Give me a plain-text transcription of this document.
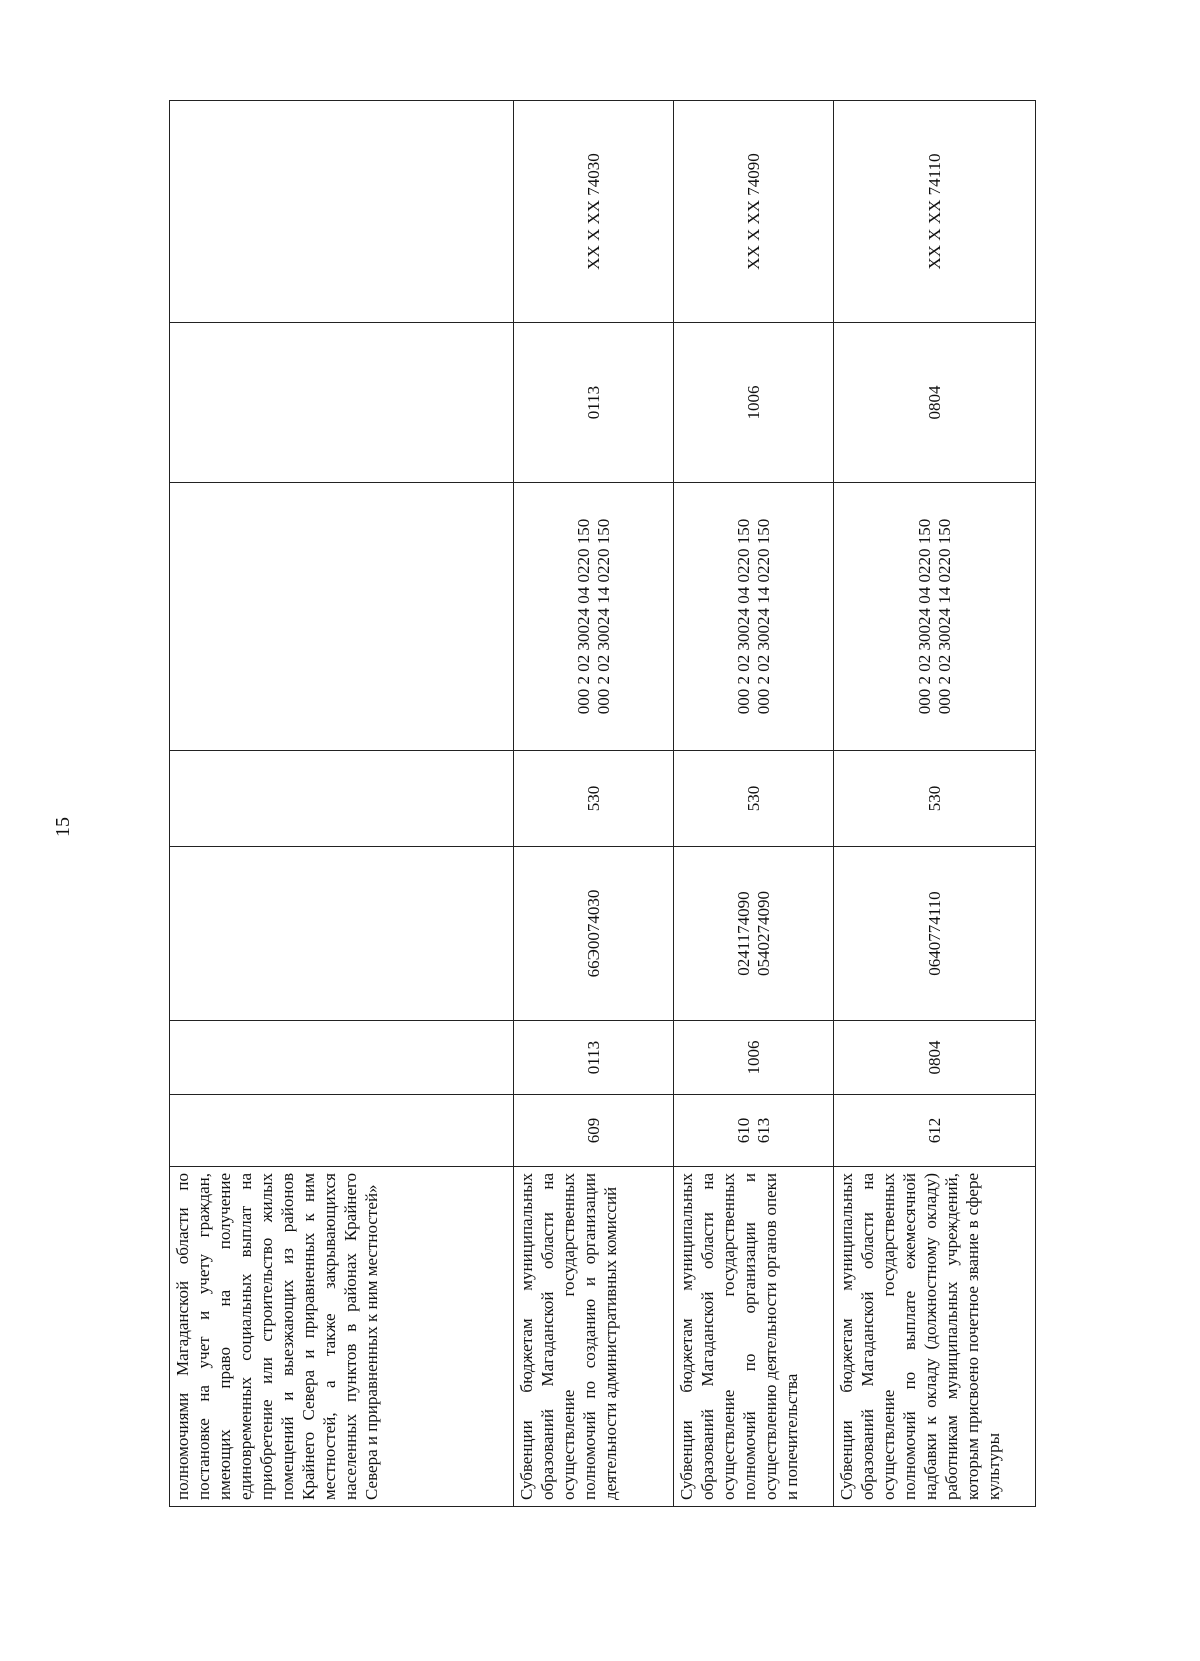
15
полномочиями Магаданской области по постановке на учет и учету граждан, имеющих право на получение единовременных социальных выплат на приобретение или строительство жилых помещений и выезжающих из районов Крайнего Севера и приравненных к ним местностей, а также закрывающихся населенных пунктов в районах Крайнего Севера и приравненных к ним местностей»							
Субвенции бюджетам муниципальных образований Магаданской области на осуществление государственных полномочий по созданию и организации деятельности административных комиссий	609	0113	66Э0074030	530	000 2 02 30024 04 0220 150 000 2 02 30024 14 0220 150	0113	XX X XX 74030
Субвенции бюджетам муниципальных образований Магаданской области на осуществление государственных полномочий по организации и осуществлению деятельности органов опеки и попечительства	610 613	1006	0241174090 0540274090	530	000 2 02 30024 04 0220 150 000 2 02 30024 14 0220 150	1006	XX X XX 74090
Субвенции бюджетам муниципальных образований Магаданской области на осуществление государственных полномочий по выплате ежемесячной надбавки к окладу (должностному окладу) работникам муниципальных учреждений, которым присвоено почетное звание в сфере культуры	612	0804	0640774110	530	000 2 02 30024 04 0220 150 000 2 02 30024 14 0220 150	0804	XX X XX 74110
